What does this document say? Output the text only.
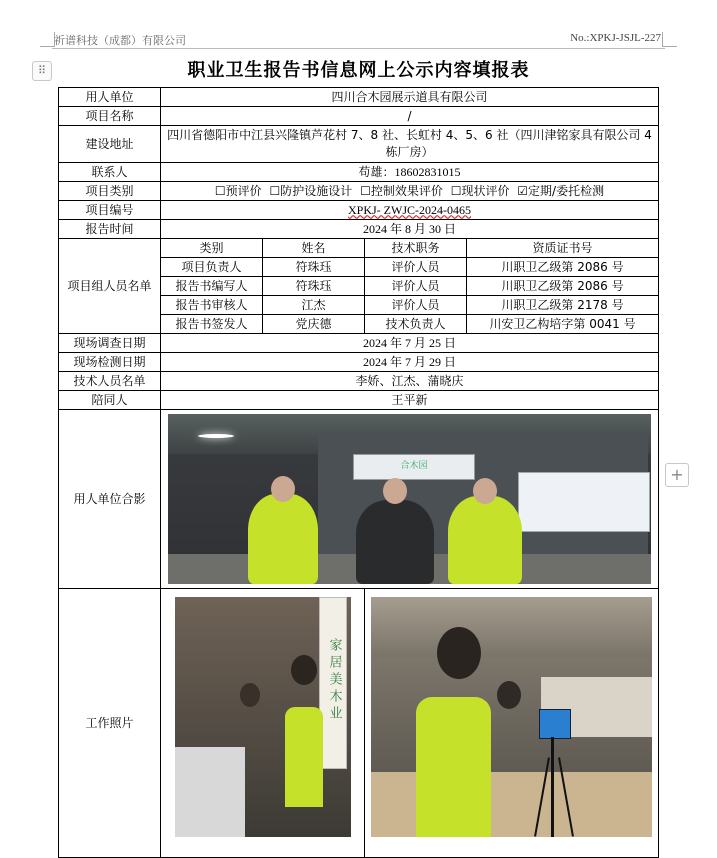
祈谱科技（成都）有限公司	No.:XPKJ-JSJL-227
⠿
+
职业卫生报告书信息网上公示内容填报表
用人单位	四川合木园展示道具有限公司			
项目名称	/			
建设地址	四川省德阳市中江县兴隆镇芦花村 7、8 社、长虹村 4、5、6 社（四川津铭家具有限公司 4 栋厂房）			
联系人	苟雄：18602831015			
项目类别	☐预评价 ☐防护设施设计 ☐控制效果评价 ☐现状评价 ☑定期/委托检测			
项目编号	XPKJ- ZWJC-2024-0465			
报告时间	2024 年 8 月 30 日			
项目组人员名单	类别	姓名	技术职务	资质证书号
	项目负责人	符珠珏	评价人员	川职卫乙级第 2086 号
	报告书编写人	符珠珏	评价人员	川职卫乙级第 2086 号
	报告书审核人	江杰	评价人员	川职卫乙级第 2178 号
	报告书签发人	党庆德	技术负责人	川安卫乙构培字第 0041 号
现场调查日期	2024 年 7 月 25 日			
现场检测日期	2024 年 7 月 29 日			
技术人员名单	李娇、江杰、蒲晓庆			
陪同人	王平新			
用人单位合影	合木园			

工作照片	家居美木业			
